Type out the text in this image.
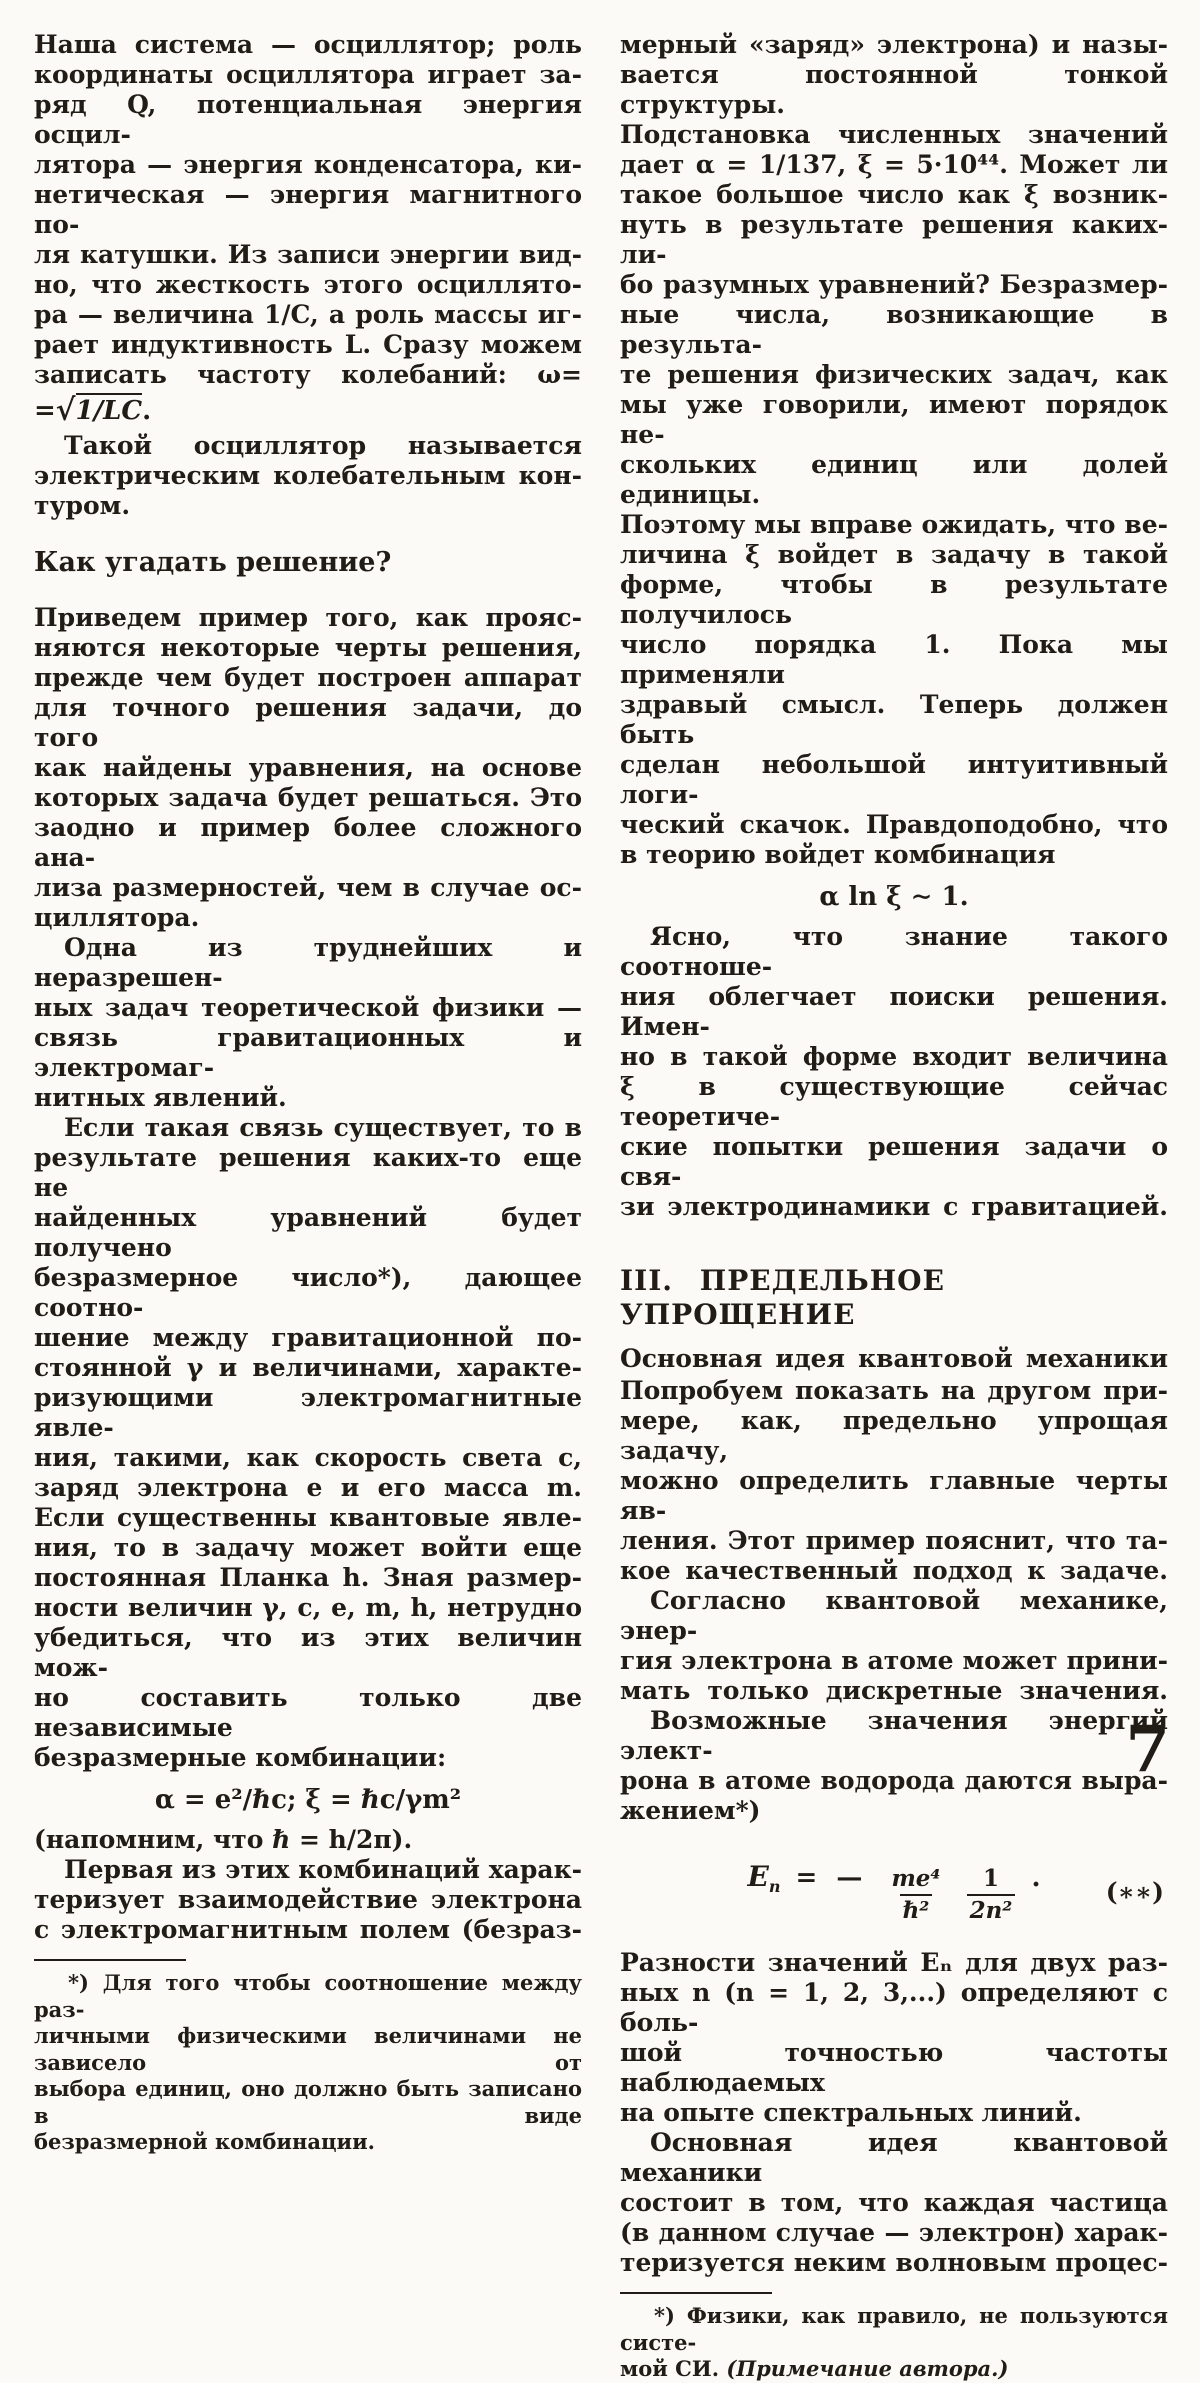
Наша система — осциллятор; роль
координаты осциллятора играет за-
ряд Q, потенциальная энергия осцил-
лятора — энергия конденсатора, ки-
нетическая — энергия магнитного по-
ля катушки. Из записи энергии вид-
но, что жесткость этого осциллято-
ра — величина 1/C, а роль массы иг-
рает индуктивность L. Сразу можем
записать частоту колебаний: ω=
=√1/LC.
Такой осциллятор называется
электрическим колебательным кон-
туром.
Как угадать решение?
Приведем пример того, как прояс-
няются некоторые черты решения,
прежде чем будет построен аппарат
для точного решения задачи, до того
как найдены уравнения, на основе
которых задача будет решаться. Это
заодно и пример более сложного ана-
лиза размерностей, чем в случае ос-
циллятора.
Одна из труднейших и неразрешен-
ных задач теоретической физики —
связь гравитационных и электромаг-
нитных явлений.
Если такая связь существует, то в
результате решения каких-то еще не
найденных уравнений будет получено
безразмерное число*), дающее соотно-
шение между гравитационной по-
стоянной γ и величинами, характе-
ризующими электромагнитные явле-
ния, такими, как скорость света c,
заряд электрона e и его масса m.
Если существенны квантовые явле-
ния, то в задачу может войти еще
постоянная Планка h. Зная размер-
ности величин γ, c, e, m, h, нетрудно
убедиться, что из этих величин мож-
но составить только две независимые
безразмерные комбинации:
α = e²/ℏc; ξ = ℏc/γm²
(напомним, что ℏ = h/2π).
Первая из этих комбинаций харак-
теризует взаимодействие электрона
с электромагнитным полем (безраз-
*) Для того чтобы соотношение между раз-
личными физическими величинами не зависело от
выбора единиц, оно должно быть записано в виде
безразмерной комбинации.
мерный «заряд» электрона) и назы-
вается постоянной тонкой структуры.
Подстановка численных значений
дает α = 1/137, ξ = 5·10⁴⁴. Может ли
такое большое число как ξ возник-
нуть в результате решения каких-ли-
бо разумных уравнений? Безразмер-
ные числа, возникающие в результа-
те решения физических задач, как
мы уже говорили, имеют порядок не-
скольких единиц или долей единицы.
Поэтому мы вправе ожидать, что ве-
личина ξ войдет в задачу в такой
форме, чтобы в результате получилось
число порядка 1. Пока мы применяли
здравый смысл. Теперь должен быть
сделан небольшой интуитивный логи-
ческий скачок. Правдоподобно, что
в теорию войдет комбинация
α ln ξ ∼ 1.
Ясно, что знание такого соотноше-
ния облегчает поиски решения. Имен-
но в такой форме входит величина
ξ в существующие сейчас теоретиче-
ские попытки решения задачи о свя-
зи электродинамики с гравитацией.
III. ПРЕДЕЛЬНОЕ УПРОЩЕНИЕ
Основная идея квантовой механики
Попробуем показать на другом при-
мере, как, предельно упрощая задачу,
можно определить главные черты яв-
ления. Этот пример пояснит, что та-
кое качественный подход к задаче.
Согласно квантовой механике, энер-
гия электрона в атоме может прини-
мать только дискретные значения.
Возможные значения энергий элект-
рона в атоме водорода даются выра-
жением*)
$E_n$ = — $\frac{\text{me⁴}}{\text{ℏ²}}$
$\frac{1}{\text{2n²}}$ .	(∗∗)
Разности значений Eₙ для двух раз-
ных n (n = 1, 2, 3,...) определяют с боль-
шой точностью частоты наблюдаемых
на опыте спектральных линий.
Основная идея квантовой механики
состоит в том, что каждая частица
(в данном случае — электрон) харак-
теризуется неким волновым процес-
*) Физики, как правило, не пользуются систе-
мой СИ. (Примечание автора.)
7
